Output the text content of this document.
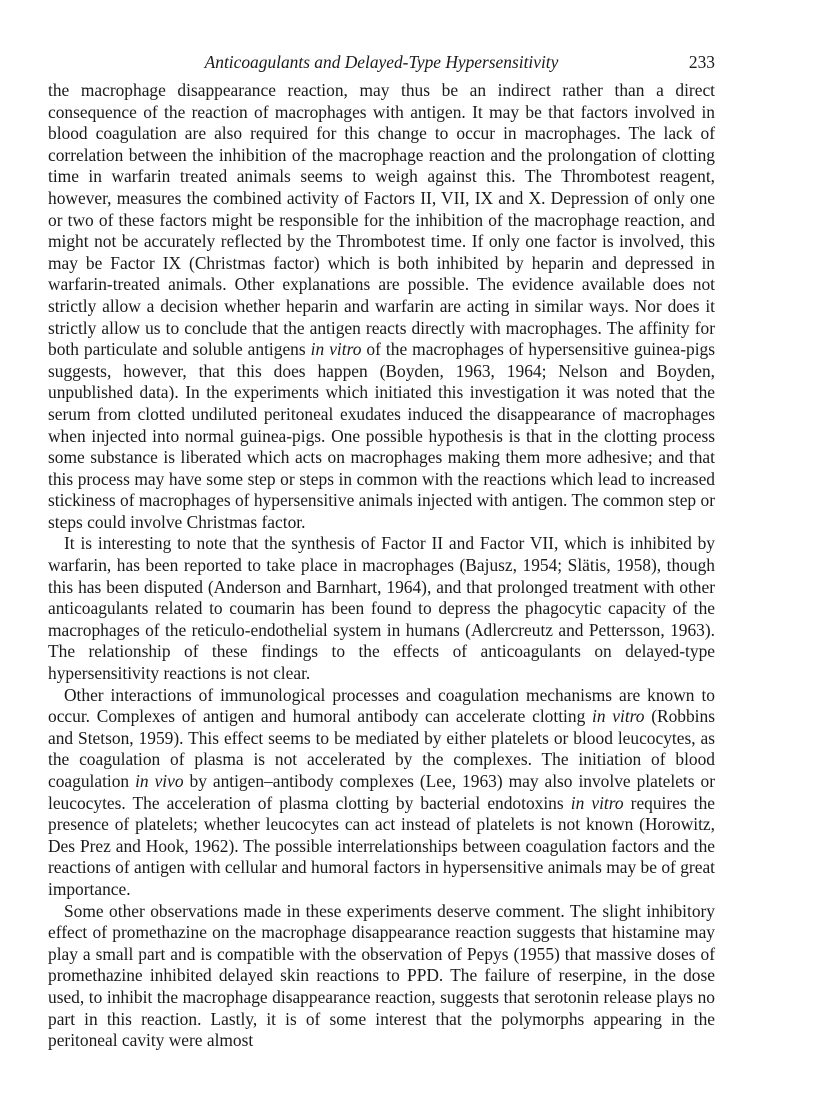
Anticoagulants and Delayed-Type Hypersensitivity	233

the macrophage disappearance reaction, may thus be an indirect rather than a direct consequence of the reaction of macrophages with antigen. It may be that factors involved in blood coagulation are also required for this change to occur in macrophages. The lack of correlation between the inhibition of the macrophage reaction and the prolongation of clotting time in warfarin treated animals seems to weigh against this. The Thrombotest reagent, however, measures the combined activity of Factors II, VII, IX and X. Depression of only one or two of these factors might be responsible for the inhibition of the macrophage reaction, and might not be accurately reflected by the Thrombotest time. If only one factor is involved, this may be Factor IX (Christmas factor) which is both inhibited by heparin and depressed in warfarin-treated animals. Other explanations are possible. The evidence available does not strictly allow a decision whether heparin and warfarin are acting in similar ways. Nor does it strictly allow us to conclude that the antigen reacts directly with macrophages. The affinity for both particulate and soluble antigens in vitro of the macrophages of hypersensitive guinea-pigs suggests, however, that this does happen (Boyden, 1963, 1964; Nelson and Boyden, unpublished data). In the experiments which initiated this investigation it was noted that the serum from clotted undiluted peritoneal exudates induced the disappearance of macrophages when injected into normal guinea-pigs. One possible hypothesis is that in the clotting process some substance is liberated which acts on macrophages making them more adhesive; and that this process may have some step or steps in common with the reactions which lead to increased stickiness of macrophages of hypersensitive animals injected with antigen. The common step or steps could involve Christmas factor.

It is interesting to note that the synthesis of Factor II and Factor VII, which is inhibited by warfarin, has been reported to take place in macrophages (Bajusz, 1954; Slätis, 1958), though this has been disputed (Anderson and Barnhart, 1964), and that prolonged treatment with other anticoagulants related to coumarin has been found to depress the phagocytic capacity of the macrophages of the reticulo-endothelial system in humans (Adlercreutz and Pettersson, 1963). The relationship of these findings to the effects of anticoagulants on delayed-type hypersensitivity reactions is not clear.

Other interactions of immunological processes and coagulation mechanisms are known to occur. Complexes of antigen and humoral antibody can accelerate clotting in vitro (Robbins and Stetson, 1959). This effect seems to be mediated by either platelets or blood leucocytes, as the coagulation of plasma is not accelerated by the complexes. The initiation of blood coagulation in vivo by antigen–antibody complexes (Lee, 1963) may also involve platelets or leucocytes. The acceleration of plasma clotting by bacterial endotoxins in vitro requires the presence of platelets; whether leucocytes can act instead of platelets is not known (Horowitz, Des Prez and Hook, 1962). The possible interrelationships between coagulation factors and the reactions of antigen with cellular and humoral factors in hypersensitive animals may be of great importance.

Some other observations made in these experiments deserve comment. The slight inhibitory effect of promethazine on the macrophage disappearance reaction suggests that histamine may play a small part and is compatible with the observation of Pepys (1955) that massive doses of promethazine inhibited delayed skin reactions to PPD. The failure of reserpine, in the dose used, to inhibit the macrophage disappearance reaction, suggests that serotonin release plays no part in this reaction. Lastly, it is of some interest that the polymorphs appearing in the peritoneal cavity were almost
